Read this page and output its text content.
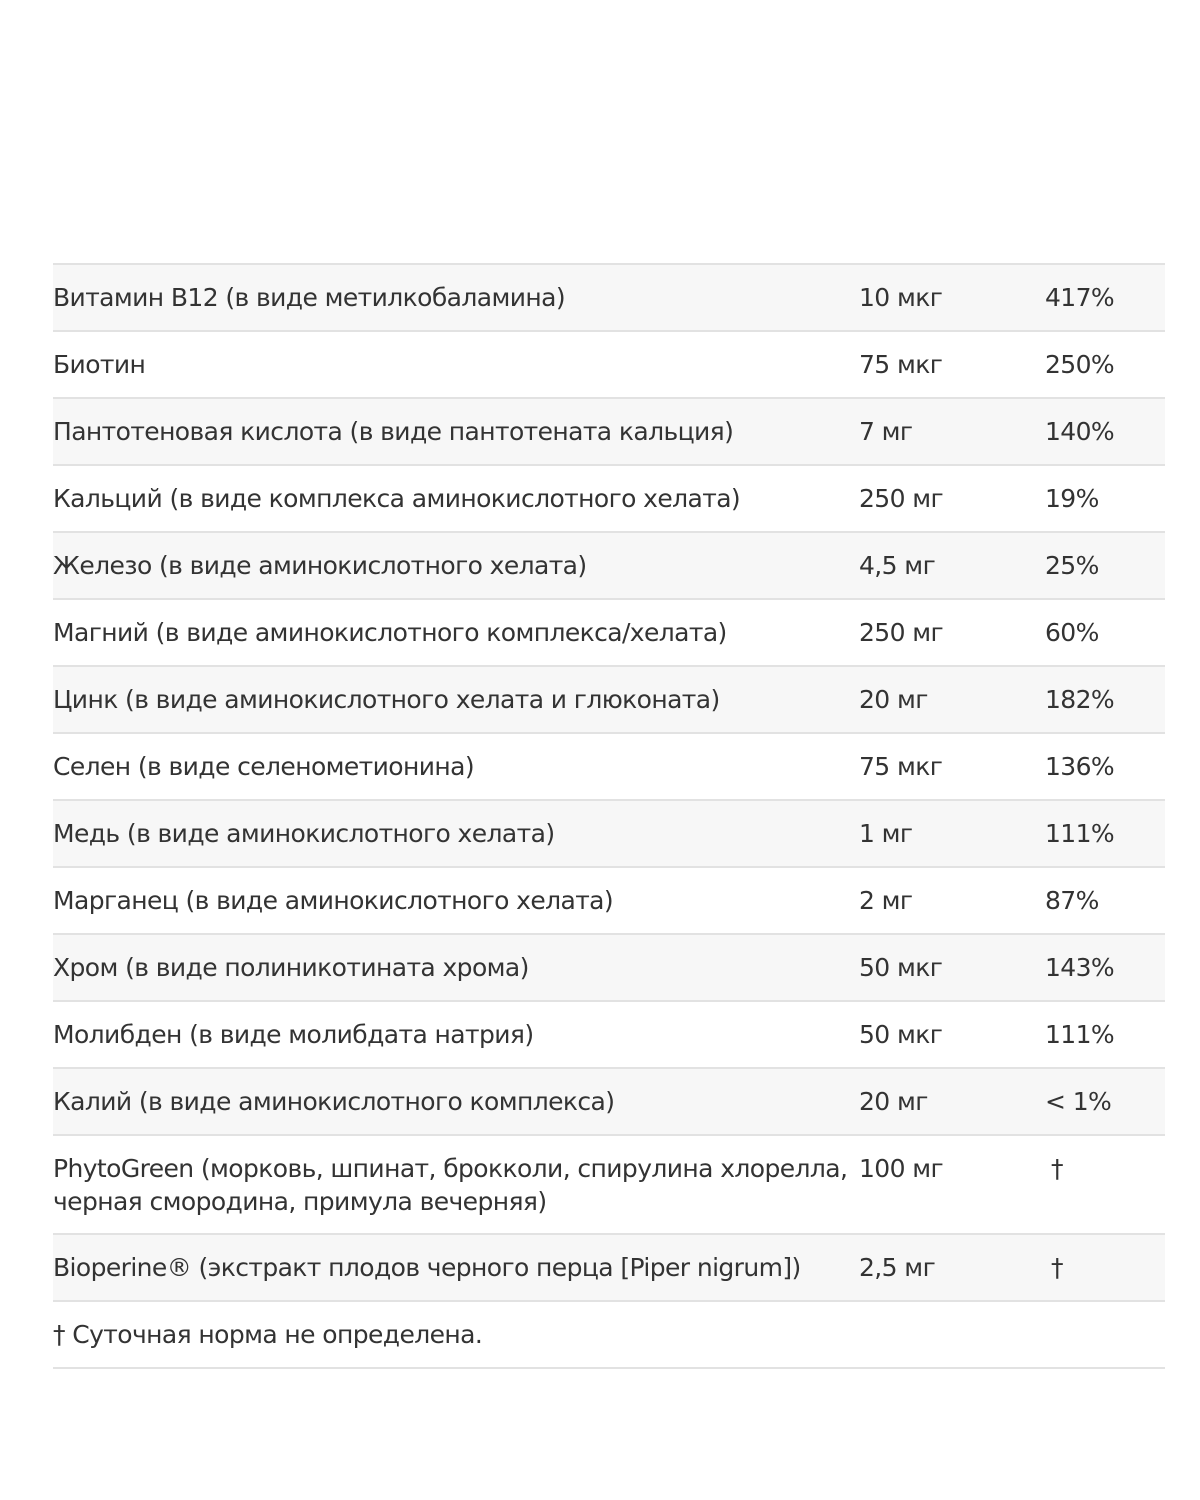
Витамин B12 (в виде метилкобаламина)	10 мкг	417%
Биотин	75 мкг	250%
Пантотеновая кислота (в виде пантотената кальция)	7 мг	140%
Кальций (в виде комплекса аминокислотного хелата)	250 мг	19%
Железо (в виде аминокислотного хелата)	4,5 мг	25%
Магний (в виде аминокислотного комплекса/хелата)	250 мг	60%
Цинк (в виде аминокислотного хелата и глюконата)	20 мг	182%
Селен (в виде селенометионина)	75 мкг	136%
Медь (в виде аминокислотного хелата)	1 мг	111%
Марганец (в виде аминокислотного хелата)	2 мг	87%
Хром (в виде полиникотината хрома)	50 мкг	143%
Молибден (в виде молибдата натрия)	50 мкг	111%
Калий (в виде аминокислотного комплекса)	20 мг	< 1%
PhytoGreen (морковь, шпинат, брокколи, спирулина хлорелла, черная смородина, примула вечерняя)	100 мг	†
Bioperine® (экстракт плодов черного перца [Piper nigrum])	2,5 мг	†
† Суточная норма не определена.		
